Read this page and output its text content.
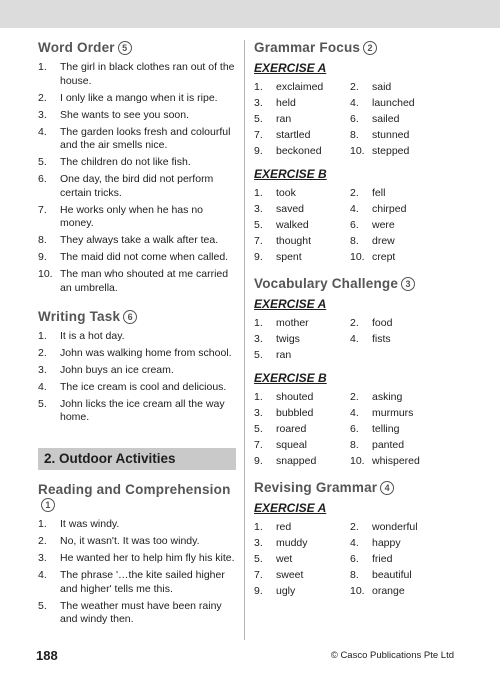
Word Order 5
1.	The girl in black clothes ran out of the house.
2.	I only like a mango when it is ripe.
3.	She wants to see you soon.
4.	The garden looks fresh and colourful and the air smells nice.
5.	The children do not like fish.
6.	One day, the bird did not perform certain tricks.
7.	He works only when he has no money.
8.	They always take a walk after tea.
9.	The maid did not come when called.
10. The man who shouted at me carried an umbrella.
Writing Task 6
1.	It is a hot day.
2.	John was walking home from school.
3.	John buys an ice cream.
4.	The ice cream is cool and delicious.
5.	John licks the ice cream all the way home.
2. Outdoor Activities
Reading and Comprehension1
1.	It was windy.
2.	No, it wasn't. It was too windy.
3.	He wanted her to help him fly his kite.
4.	The phrase '…the kite sailed higher and higher' tells me this.
5.	The weather must have been rainy and windy then.
Grammar Focus 2
EXERCISE A
1.	exclaimed	2.	said
3.	held	4.	launched
5.	ran	6.	sailed
7.	startled	8.	stunned
9.	beckoned	10. stepped
EXERCISE B
1.	took	2.	fell
3.	saved	4.	chirped
5.	walked	6.	were
7.	thought	8.	drew
9.	spent	10. crept
Vocabulary Challenge 3
EXERCISE A
1.	mother	2.	food
3.	twigs	4.	fists
5.	ran
EXERCISE B
1.	shouted	2.	asking
3.	bubbled	4.	murmurs
5.	roared	6.	telling
7.	squeal	8.	panted
9.	snapped	10. whispered
Revising Grammar 4
EXERCISE A
1.	red	2.	wonderful
3.	muddy	4.	happy
5.	wet	6.	fried
7.	sweet	8.	beautiful
9.	ugly	10. orange
188	© Casco Publications Pte Ltd
